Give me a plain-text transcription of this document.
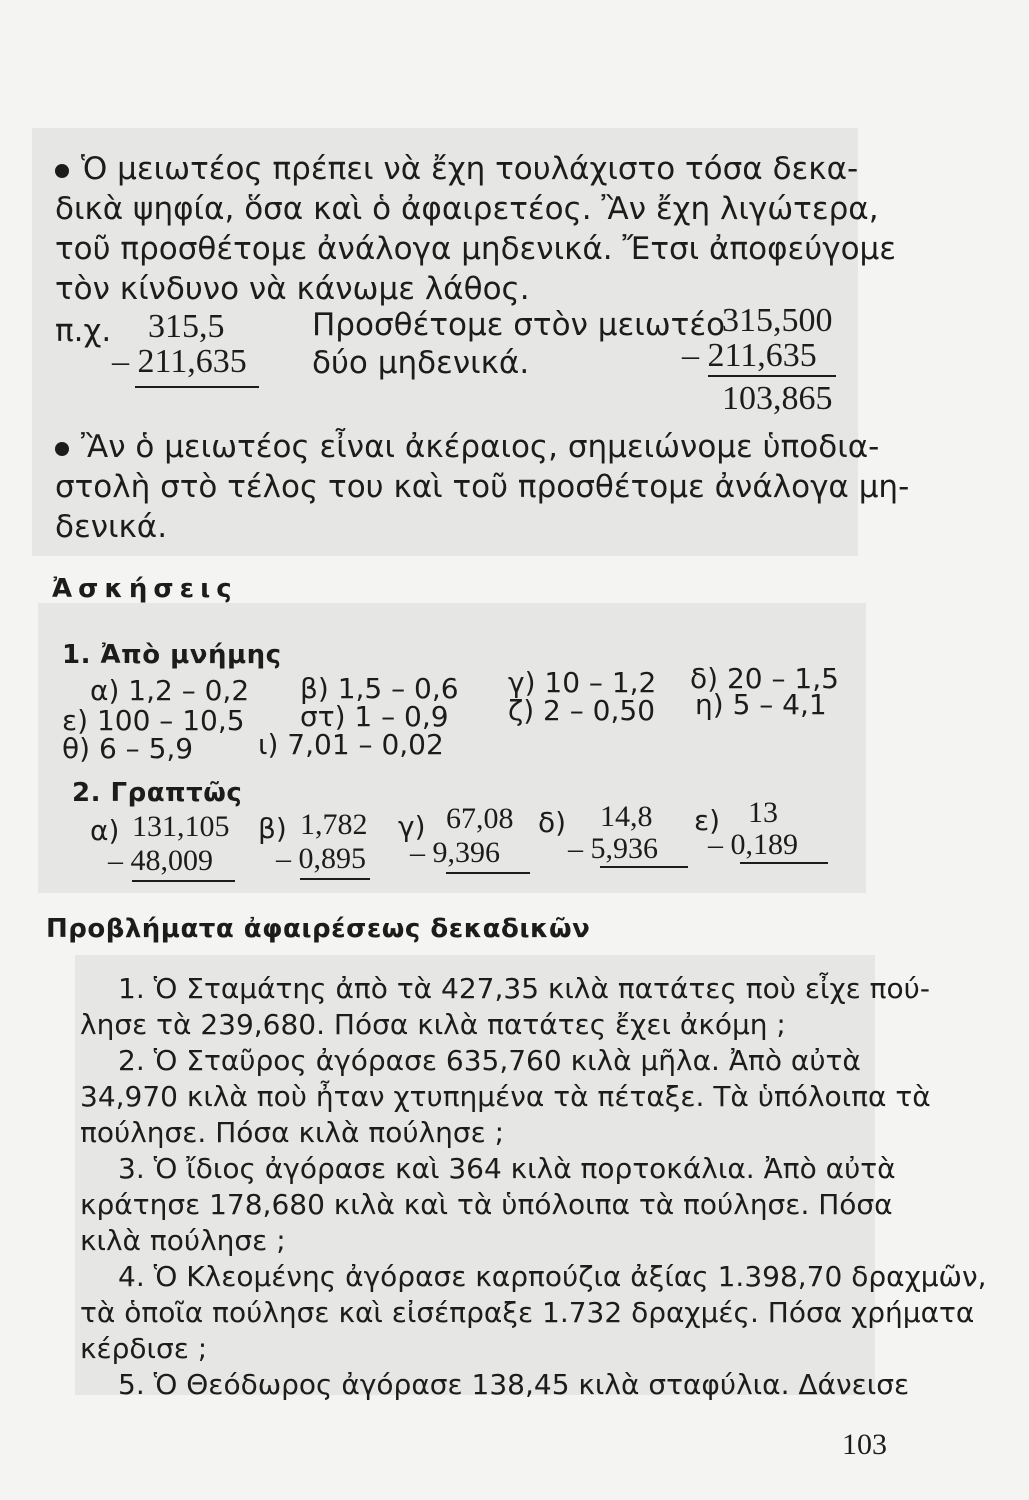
Ὁ μειωτέος πρέπει νὰ ἔχη τουλάχιστο τόσα δεκα-
δικὰ ψηφία, ὅσα καὶ ὁ ἀφαιρετέος. Ἂν ἔχη λιγώτερα,
τοῦ προσθέτομε ἀνάλογα μηδενικά. Ἔτσι ἀποφεύγομε
τὸν κίνδυνο νὰ κάνωμε λάθος.
π.χ. 315,5
– 211,635
Προσθέτομε στὸν μειωτέο
δύο μηδενικά.
315,500
– 211,635
103,865
Ἂν ὁ μειωτέος εἶναι ἀκέραιος, σημειώνομε ὑποδια-
στολὴ στὸ τέλος του καὶ τοῦ προσθέτομε ἀνάλογα μη-
δενικά.
Ἀσκήσεις
1. Ἀπὸ μνήμης
α) 1,2 – 0,2 β) 1,5 – 0,6 γ) 10 – 1,2 δ) 20 – 1,5
ε) 100 – 10,5 στ) 1 – 0,9 ζ) 2 – 0,50 η) 5 – 4,1
θ) 6 – 5,9 ι) 7,01 – 0,02
2. Γραπτῶς
α) 131,105
– 48,009
β) 1,782
– 0,895
γ) 67,08
– 9,396
δ) 14,8
– 5,936
ε) 13
– 0,189
Προβλήματα ἀφαιρέσεως δεκαδικῶν
1. Ὁ Σταμάτης ἀπὸ τὰ 427,35 κιλὰ πατάτες ποὺ εἶχε πού-
λησε τὰ 239,680. Πόσα κιλὰ πατάτες ἔχει ἀκόμη ;
2. Ὁ Σταῦρος ἀγόρασε 635,760 κιλὰ μῆλα. Ἀπὸ αὐτὰ
34,970 κιλὰ ποὺ ἦταν χτυπημένα τὰ πέταξε. Τὰ ὑπόλοιπα τὰ
πούλησε. Πόσα κιλὰ πούλησε ;
3. Ὁ ἴδιος ἀγόρασε καὶ 364 κιλὰ πορτοκάλια. Ἀπὸ αὐτὰ
κράτησε 178,680 κιλὰ καὶ τὰ ὑπόλοιπα τὰ πούλησε. Πόσα
κιλὰ πούλησε ;
4. Ὁ Κλεομένης ἀγόρασε καρπούζια ἀξίας 1.398,70 δραχμῶν,
τὰ ὁποῖα πούλησε καὶ εἰσέπραξε 1.732 δραχμές. Πόσα χρήματα
κέρδισε ;
5. Ὁ Θεόδωρος ἀγόρασε 138,45 κιλὰ σταφύλια. Δάνεισε
103
